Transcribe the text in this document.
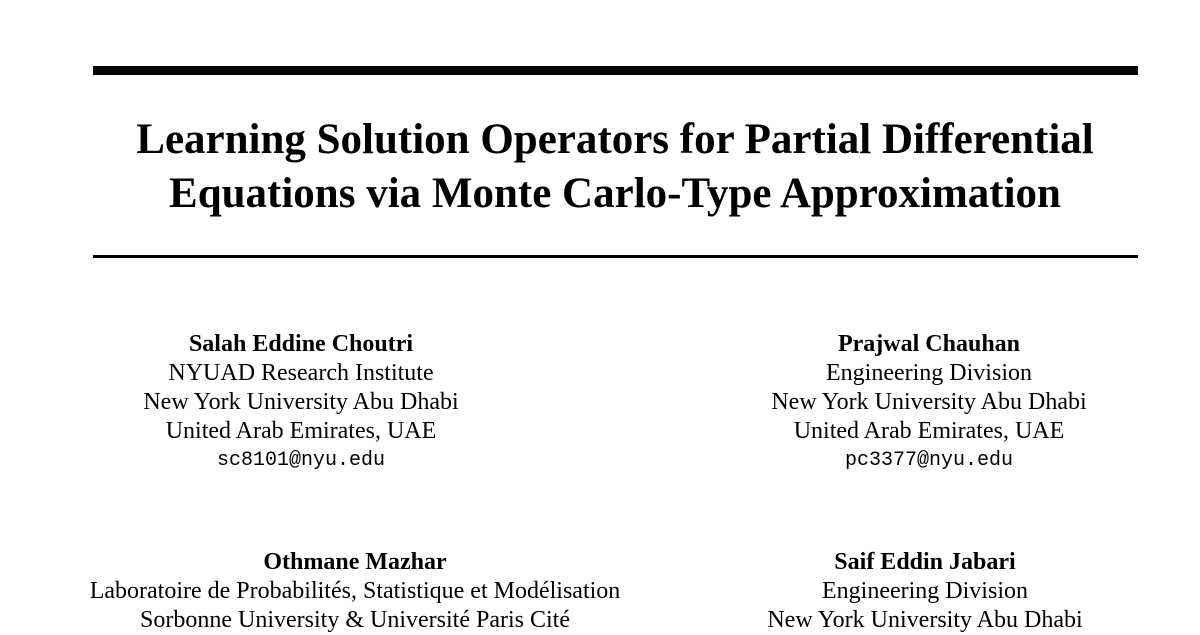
Learning Solution Operators for Partial Differential
Equations via Monte Carlo-Type Approximation
Salah Eddine Choutri
NYUAD Research Institute
New York University Abu Dhabi
United Arab Emirates, UAE
sc8101@nyu.edu
Prajwal Chauhan
Engineering Division
New York University Abu Dhabi
United Arab Emirates, UAE
pc3377@nyu.edu
Othmane Mazhar
Laboratoire de Probabilités, Statistique et Modélisation
Sorbonne University & Université Paris Cité
Saif Eddin Jabari
Engineering Division
New York University Abu Dhabi
